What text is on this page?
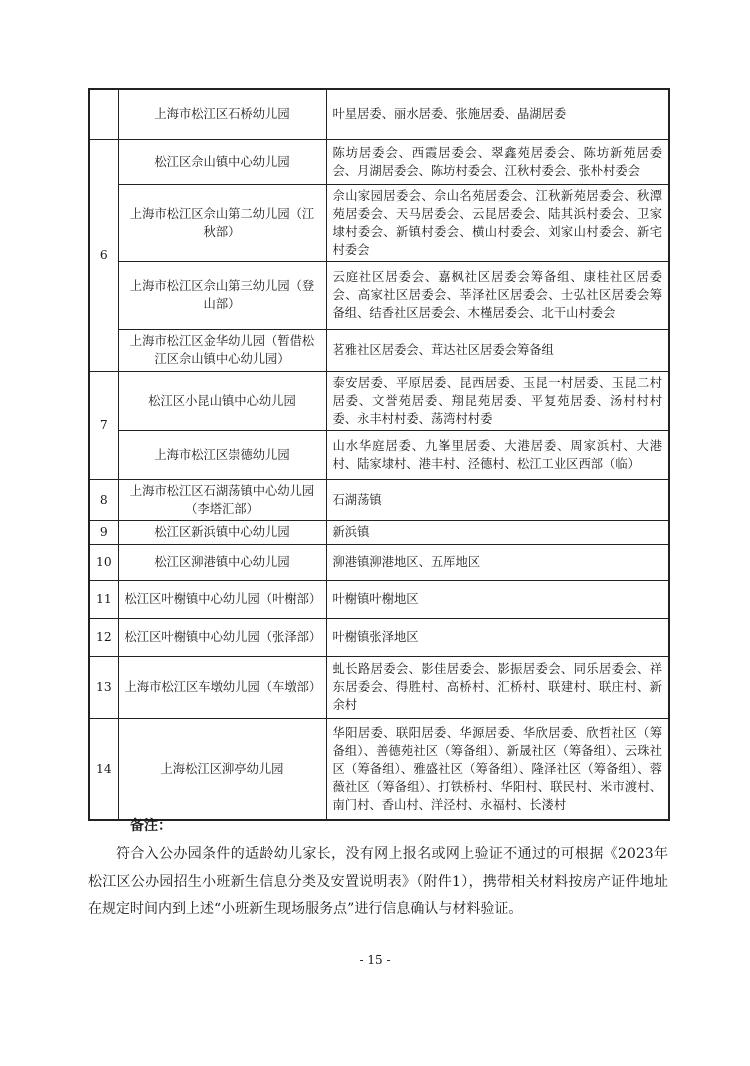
	上海市松江区石桥幼儿园	叶星居委、丽水居委、张施居委、晶湖居委
6	松江区佘山镇中心幼儿园	陈坊居委会、西霞居委会、翠鑫苑居委会、陈坊新苑居委会、月湖居委会、陈坊村委会、江秋村委会、张朴村委会
	上海市松江区佘山第二幼儿园（江秋部）	佘山家园居委会、佘山名苑居委会、江秋新苑居委会、秋潭苑居委会、天马居委会、云昆居委会、陆其浜村委会、卫家埭村委会、新镇村委会、横山村委会、刘家山村委会、新宅村委会
	上海市松江区佘山第三幼儿园（登山部）	云庭社区居委会、嘉枫社区居委会筹备组、康桂社区居委会、高家社区居委会、莘泽社区居委会、士弘社区居委会筹备组、结香社区居委会、木槿居委会、北干山村委会
	上海市松江区金华幼儿园（暂借松江区佘山镇中心幼儿园）	茗雅社区居委会、茸达社区居委会筹备组
7	松江区小昆山镇中心幼儿园	泰安居委、平原居委、昆西居委、玉昆一村居委、玉昆二村居委、文誉苑居委、翔昆苑居委、平复苑居委、汤村村村委、永丰村村委、荡湾村村委
	上海市松江区崇德幼儿园	山水华庭居委、九峯里居委、大港居委、周家浜村、大港村、陆家埭村、港丰村、泾德村、松江工业区西部（临）
8	上海市松江区石湖荡镇中心幼儿园（李塔汇部）	石湖荡镇
9	松江区新浜镇中心幼儿园	新浜镇
10	松江区泖港镇中心幼儿园	泖港镇泖港地区、五厍地区
11	松江区叶榭镇中心幼儿园（叶榭部）	叶榭镇叶榭地区
12	松江区叶榭镇中心幼儿园（张泽部）	叶榭镇张泽地区
13	上海市松江区车墩幼儿园（车墩部）	虬长路居委会、影佳居委会、影振居委会、同乐居委会、祥东居委会、得胜村、高桥村、汇桥村、联建村、联庄村、新余村
14	上海松江区泖亭幼儿园	华阳居委、联阳居委、华源居委、华欣居委、欣哲社区（筹备组）、善德苑社区（筹备组）、新晟社区（筹备组）、云珠社区（筹备组）、雅盛社区（筹备组）、隆泽社区（筹备组）、蓉薇社区（筹备组）、打铁桥村、华阳村、联民村、米市渡村、南门村、香山村、洋泾村、永福村、长溇村
备注：
符合入公办园条件的适龄幼儿家长，没有网上报名或网上验证不通过的可根据《2023年松江区公办园招生小班新生信息分类及安置说明表》（附件1），携带相关材料按房产证件地址在规定时间内到上述“小班新生现场服务点”进行信息确认与材料验证。
- 15 -
